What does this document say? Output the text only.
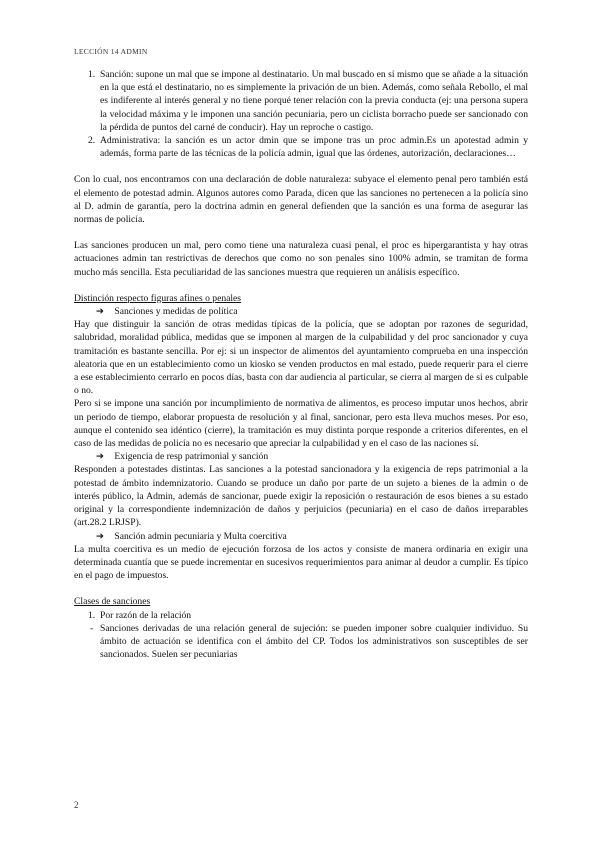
LECCIÓN 14 ADMIN

1. Sanción: supone un mal que se impone al destinatario. Un mal buscado en sí mismo que se añade a la situación en la que está el destinatario, no es simplemente la privación de un bien. Además, como señala Rebollo, el mal es indiferente al interés general y no tiene porqué tener relación con la previa conducta (ej: una persona supera la velocidad máxima y le imponen una sanción pecuniaria, pero un ciclista borracho puede ser sancionado con la pérdida de puntos del carné de conducir). Hay un reproche o castigo.

2. Administrativa: la sanción es un actor dmin que se impone tras un proc admin.Es un apotestad admin y además, forma parte de las técnicas de la policía admin, igual que las órdenes, autorización, declaraciones…

Con lo cual, nos encontramos con una declaración de doble naturaleza: subyace el elemento penal pero también está el elemento de potestad admin. Algunos autores como Parada, dicen que las sanciones no pertenecen a la policía sino al D. admin de garantía, pero la doctrina admin en general defienden que la sanción es una forma de asegurar las normas de policía.

Las sanciones producen un mal, pero como tiene una naturaleza cuasi penal, el proc es hipergarantista y hay otras actuaciones admin tan restrictivas de derechos que como no son penales sino 100% admin, se tramitan de forma mucho más sencilla. Esta peculiaridad de las sanciones muestra que requieren un análisis específico.

Distinción respecto figuras afines o penales

➔ Sanciones y medidas de política

Hay que distinguir la sanción de otras medidas típicas de la policía, que se adoptan por razones de seguridad, salubridad, moralidad pública, medidas que se imponen al margen de la culpabilidad y del proc sancionador y cuya tramitación es bastante sencilla. Por ej: si un inspector de alimentos del ayuntamiento comprueba en una inspección aleatoria que en un establecimiento como un kiosko se venden productos en mal estado, puede requerir para el cierre a ese establecimiento cerrarlo en pocos días, basta con dar audiencia al particular, se cierra al margen de si es culpable o no.

Pero si se impone una sanción por incumplimiento de normativa de alimentos, es proceso imputar unos hechos, abrir un periodo de tiempo, elaborar propuesta de resolución y al final, sancionar, pero esta lleva muchos meses. Por eso, aunque el contenido sea idéntico (cierre), la tramitación es muy distinta porque responde a criterios diferentes, en el caso de las medidas de policía no es necesario que apreciar la culpabilidad y en el caso de las naciones sí.

➔ Exigencia de resp patrimonial y sanción

Responden a potestades distintas. Las sanciones a la potestad sancionadora y la exigencia de reps patrimonial a la potestad de ámbito indemnizatorio. Cuando se produce un daño por parte de un sujeto a bienes de la admin o de interés público, la Admin, además de sancionar, puede exigir la reposición o restauración de esos bienes a su estado original y la correspondiente indemnización de daños y perjuicios (pecuniaria) en el caso de daños irreparables (art.28.2 LRJSP).

➔ Sanción admin pecuniaria y Multa coercitiva

La multa coercitiva es un medio de ejecución forzosa de los actos y consiste de manera ordinaria en exigir una determinada cuantía que se puede incrementar en sucesivos requerimientos para animar al deudor a cumplir. Es típico en el pago de impuestos.

Clases de sanciones

1. Por razón de la relación

- Sanciones derivadas de una relación general de sujeción: se pueden imponer sobre cualquier individuo. Su ámbito de actuación se identifica con el ámbito del CP. Todos los administrativos son susceptibles de ser sancionados. Suelen ser pecuniarias

2
